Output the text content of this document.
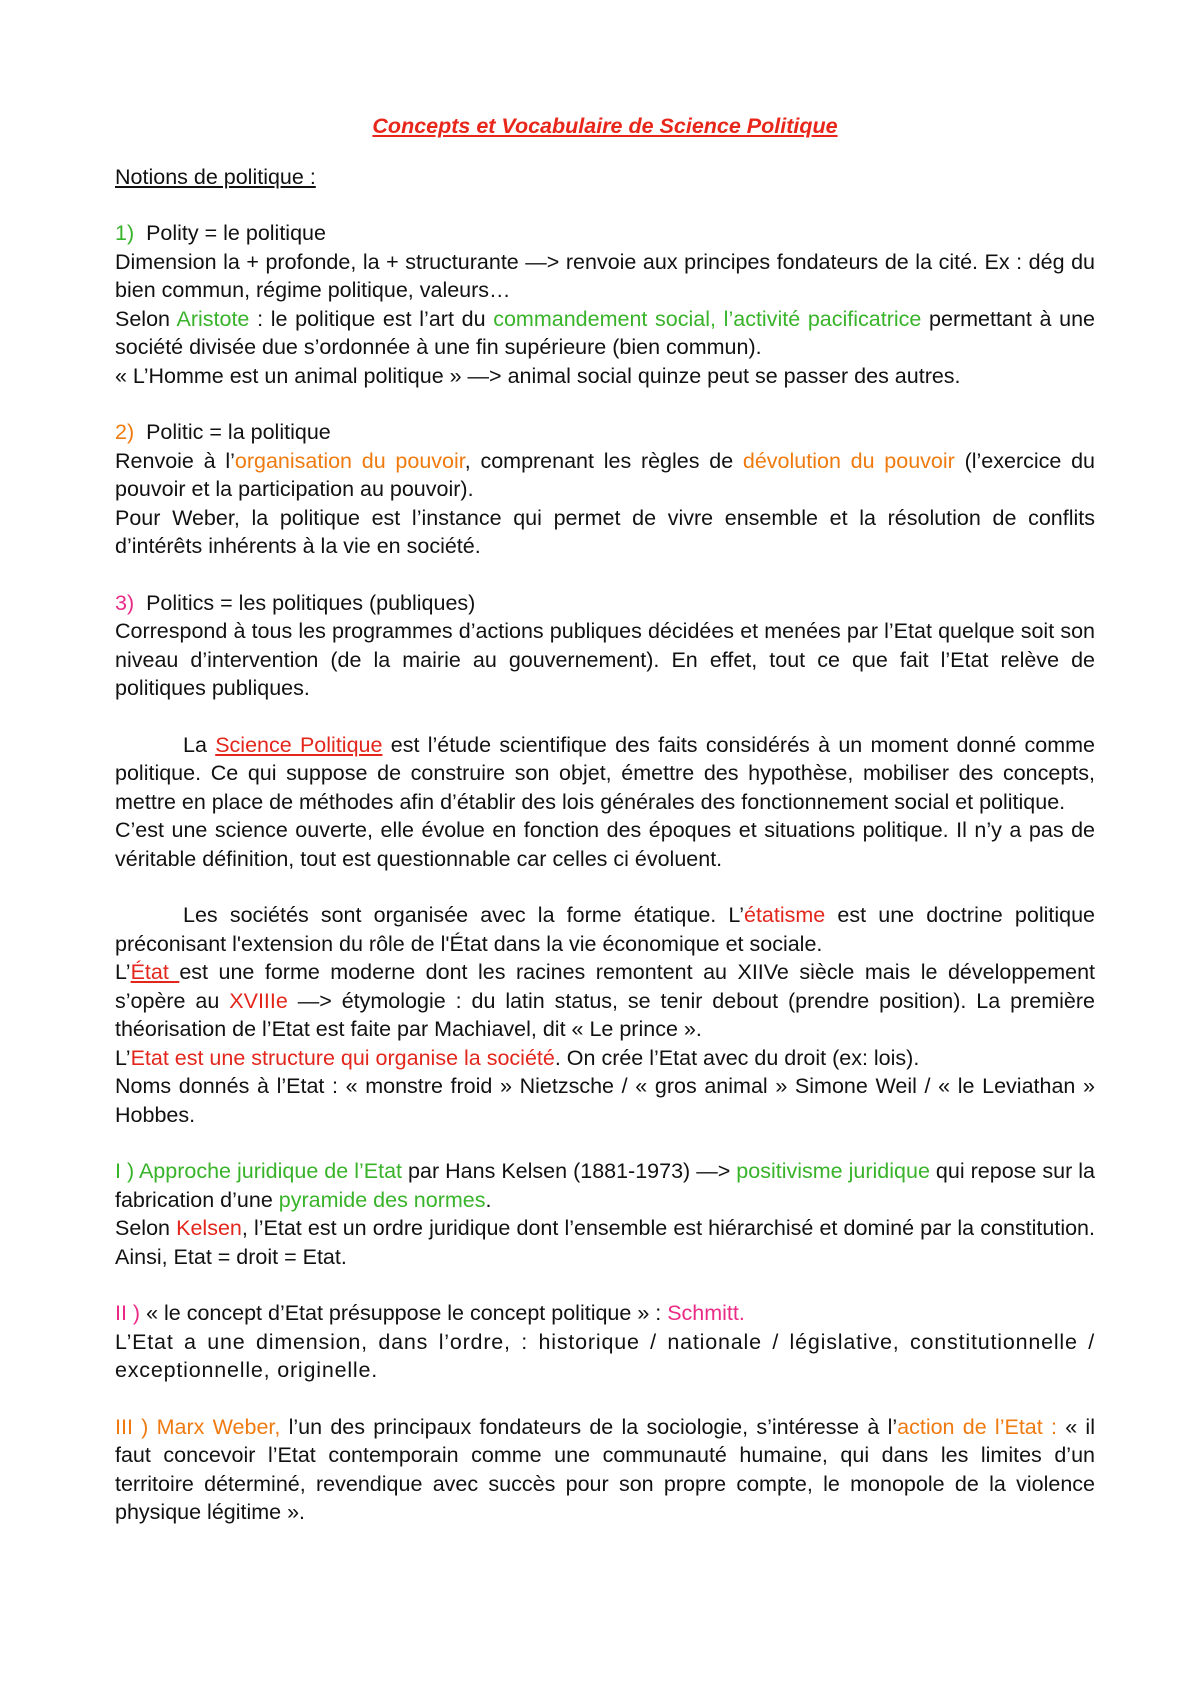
Concepts et Vocabulaire de Science Politique

Notions de politique :

1) Polity = le politique

Dimension la + profonde, la + structurante —> renvoie aux principes fondateurs de la cité. Ex : dég du bien commun, régime politique, valeurs…

Selon Aristote : le politique est l’art du commandement social, l’activité pacificatrice permettant à une société divisée due s’ordonnée à une fin supérieure (bien commun).

« L’Homme est un animal politique » —> animal social quinze peut se passer des autres.

2) Politic = la politique

Renvoie à l’organisation du pouvoir, comprenant les règles de dévolution du pouvoir (l’exercice du pouvoir et la participation au pouvoir).

Pour Weber, la politique est l’instance qui permet de vivre ensemble et la résolution de conflits d’intérêts inhérents à la vie en société.

3) Politics = les politiques (publiques)

Correspond à tous les programmes d’actions publiques décidées et menées par l’Etat quelque soit son niveau d’intervention (de la mairie au gouvernement). En effet, tout ce que fait l’Etat relève de politiques publiques.

La Science Politique est l’étude scientifique des faits considérés à un moment donné comme politique. Ce qui suppose de construire son objet, émettre des hypothèse, mobiliser des concepts, mettre en place de méthodes afin d’établir des lois générales des fonctionnement social et politique.

C’est une science ouverte, elle évolue en fonction des époques et situations politique. Il n’y a pas de véritable définition, tout est questionnable car celles ci évoluent.

Les sociétés sont organisée avec la forme étatique. L’étatisme est une doctrine politique préconisant l'extension du rôle de l'État dans la vie économique et sociale.

L’État est une forme moderne dont les racines remontent au XIIVe siècle mais le développement s’opère au XVIIIe —> étymologie : du latin status, se tenir debout (prendre position). La première théorisation de l’Etat est faite par Machiavel, dit « Le prince ».

L’Etat est une structure qui organise la société. On crée l’Etat avec du droit (ex: lois).

Noms donnés à l’Etat : « monstre froid » Nietzsche / « gros animal » Simone Weil / « le Leviathan » Hobbes.

I ) Approche juridique de l’Etat par Hans Kelsen (1881-1973) —> positivisme juridique qui repose sur la fabrication d’une pyramide des normes.

Selon Kelsen, l’Etat est un ordre juridique dont l’ensemble est hiérarchisé et dominé par la constitution. Ainsi, Etat = droit = Etat.

II ) « le concept d’Etat présuppose le concept politique » : Schmitt.

L’Etat a une dimension, dans l’ordre, : historique / nationale / législative, constitutionnelle / exceptionnelle, originelle.

III ) Marx Weber, l’un des principaux fondateurs de la sociologie, s’intéresse à l’action de l’Etat : « il faut concevoir l’Etat contemporain comme une communauté humaine, qui dans les limites d’un territoire déterminé, revendique avec succès pour son propre compte, le monopole de la violence physique légitime ».
